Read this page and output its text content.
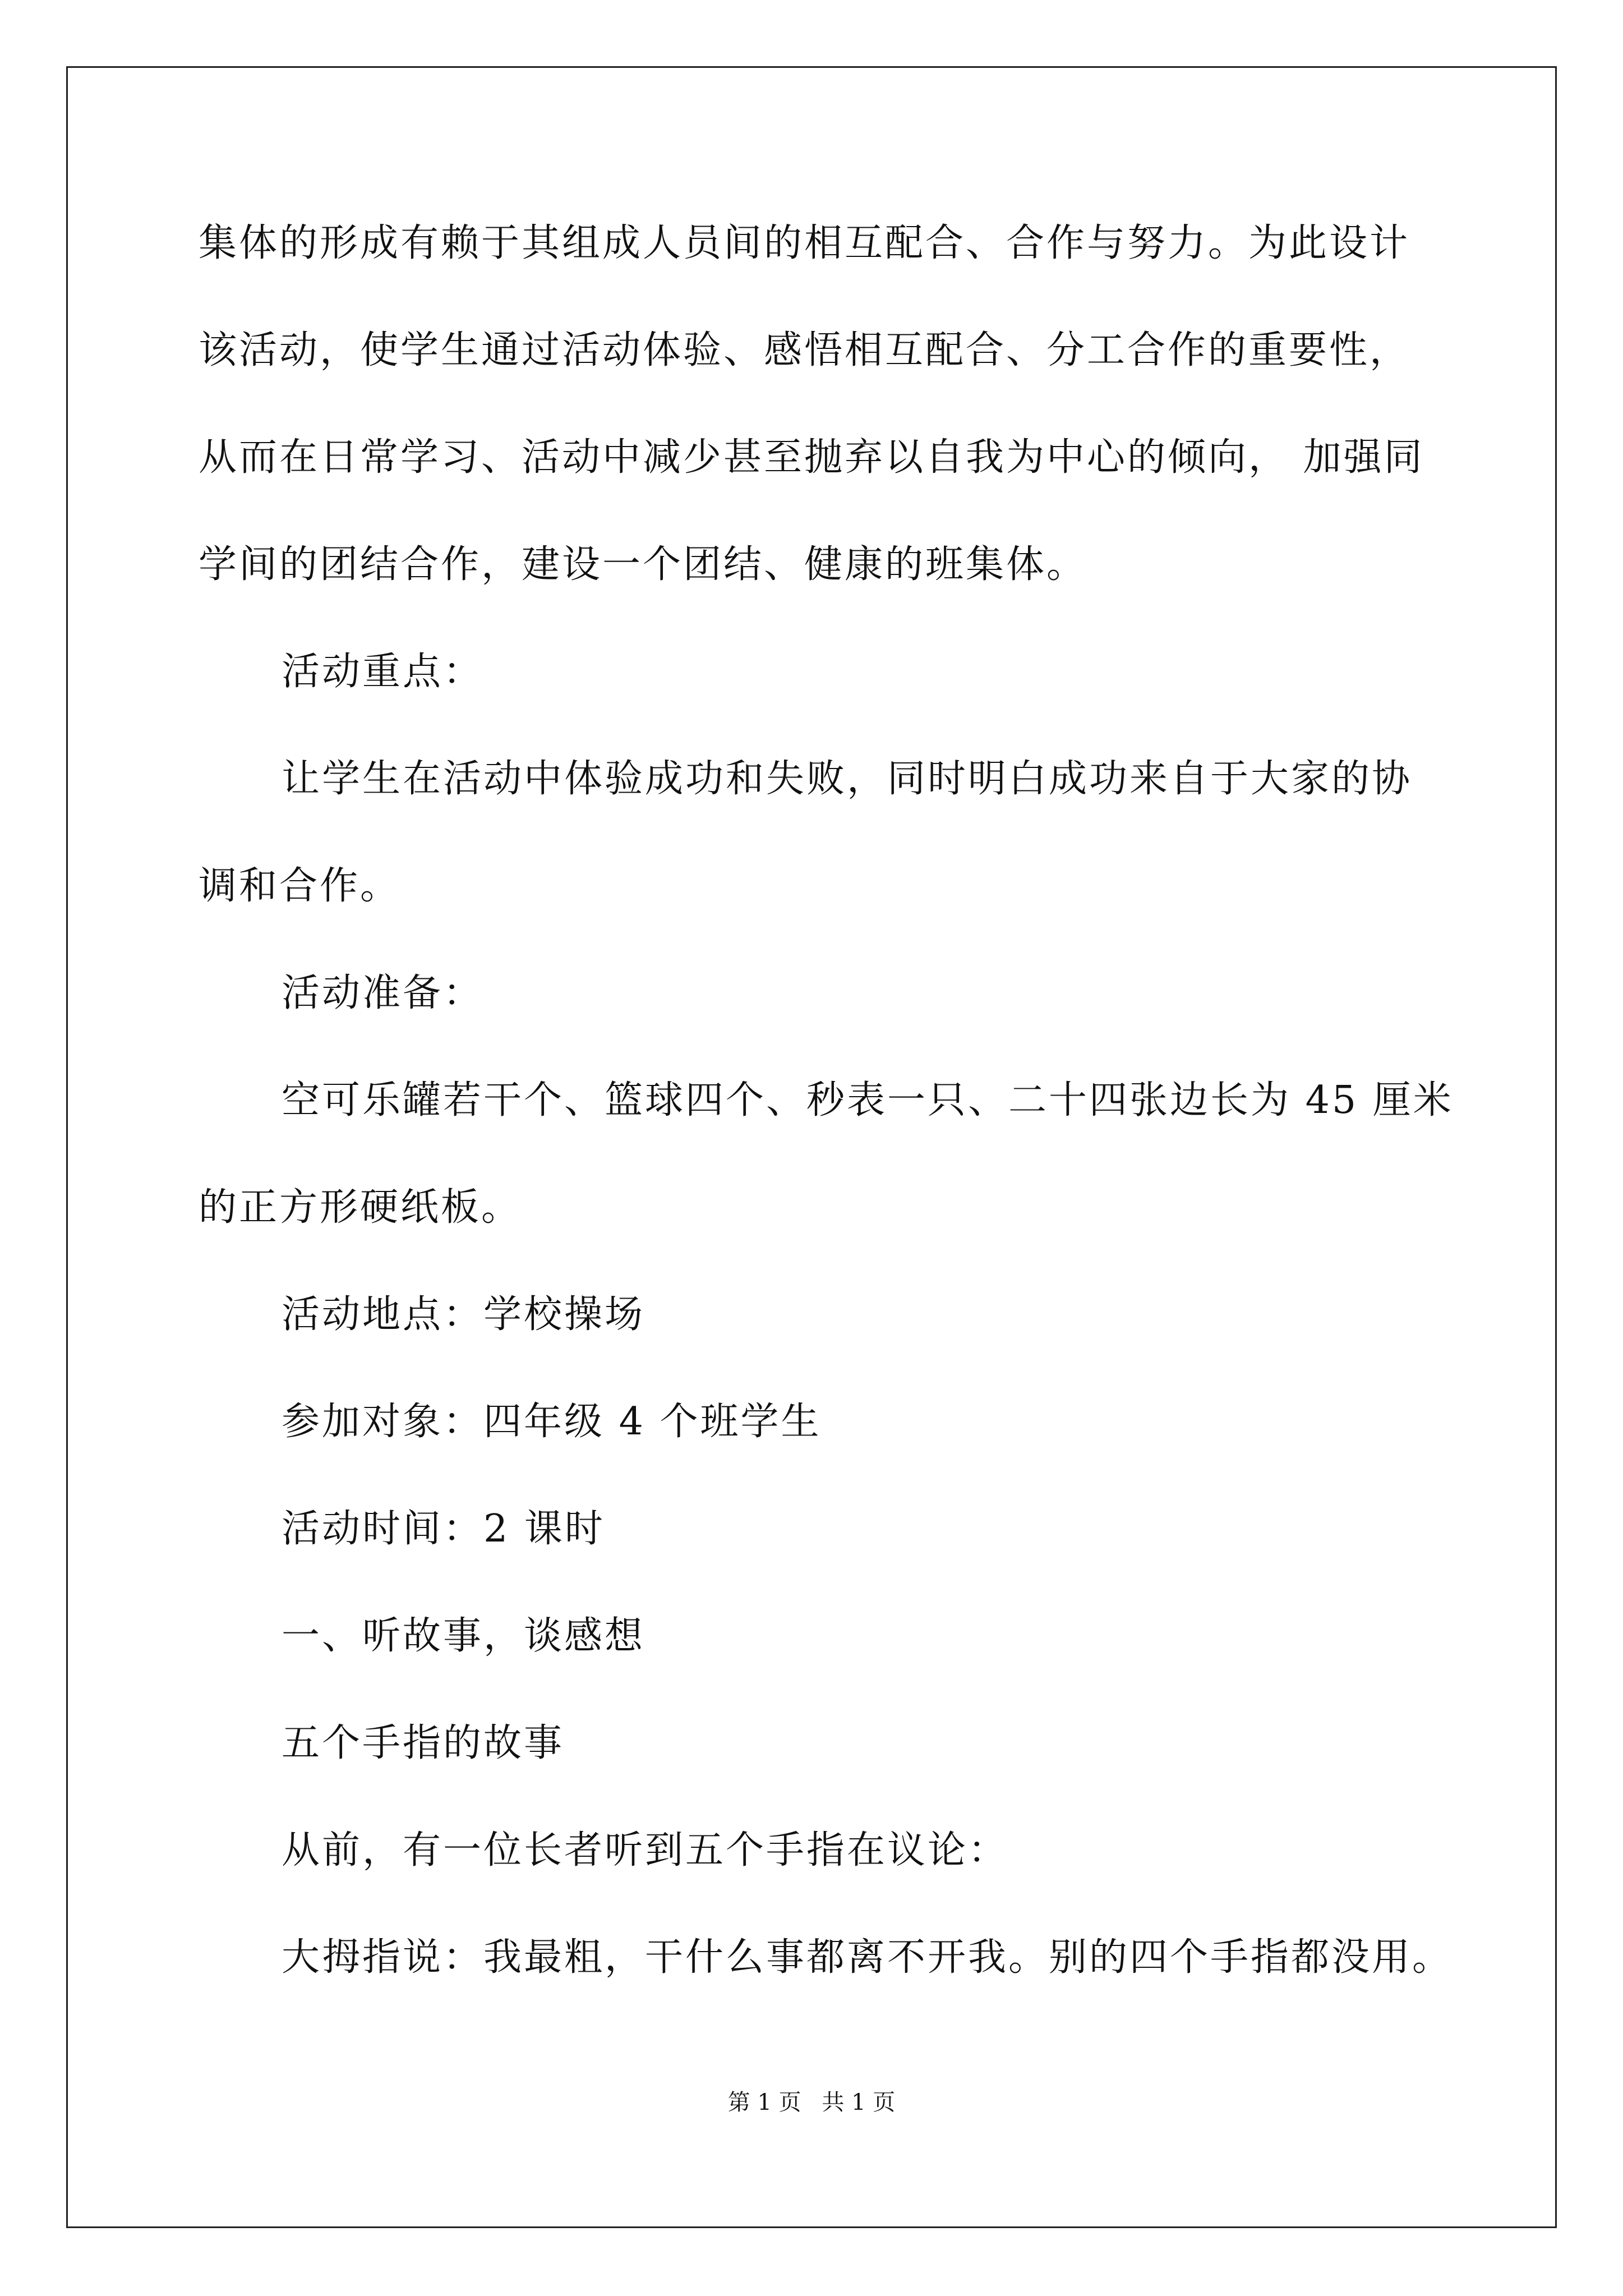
集体的形成有赖于其组成人员间的相互配合、合作与努力。为此设计
该活动，使学生通过活动体验、感悟相互配合、分工合作的重要性，
从而在日常学习、活动中减少甚至抛弃以自我为中心的倾向， 加强同
学间的团结合作，建设一个团结、健康的班集体。
活动重点：
让学生在活动中体验成功和失败，同时明白成功来自于大家的协
调和合作。
活动准备：
空可乐罐若干个、篮球四个、秒表一只、二十四张边长为 45 厘米
的正方形硬纸板。
活动地点：学校操场
参加对象：四年级 4 个班学生
活动时间：2 课时
一、听故事，谈感想
五个手指的故事
从前，有一位长者听到五个手指在议论：
大拇指说：我最粗，干什么事都离不开我。别的四个手指都没用。
第 1 页 共 1 页
